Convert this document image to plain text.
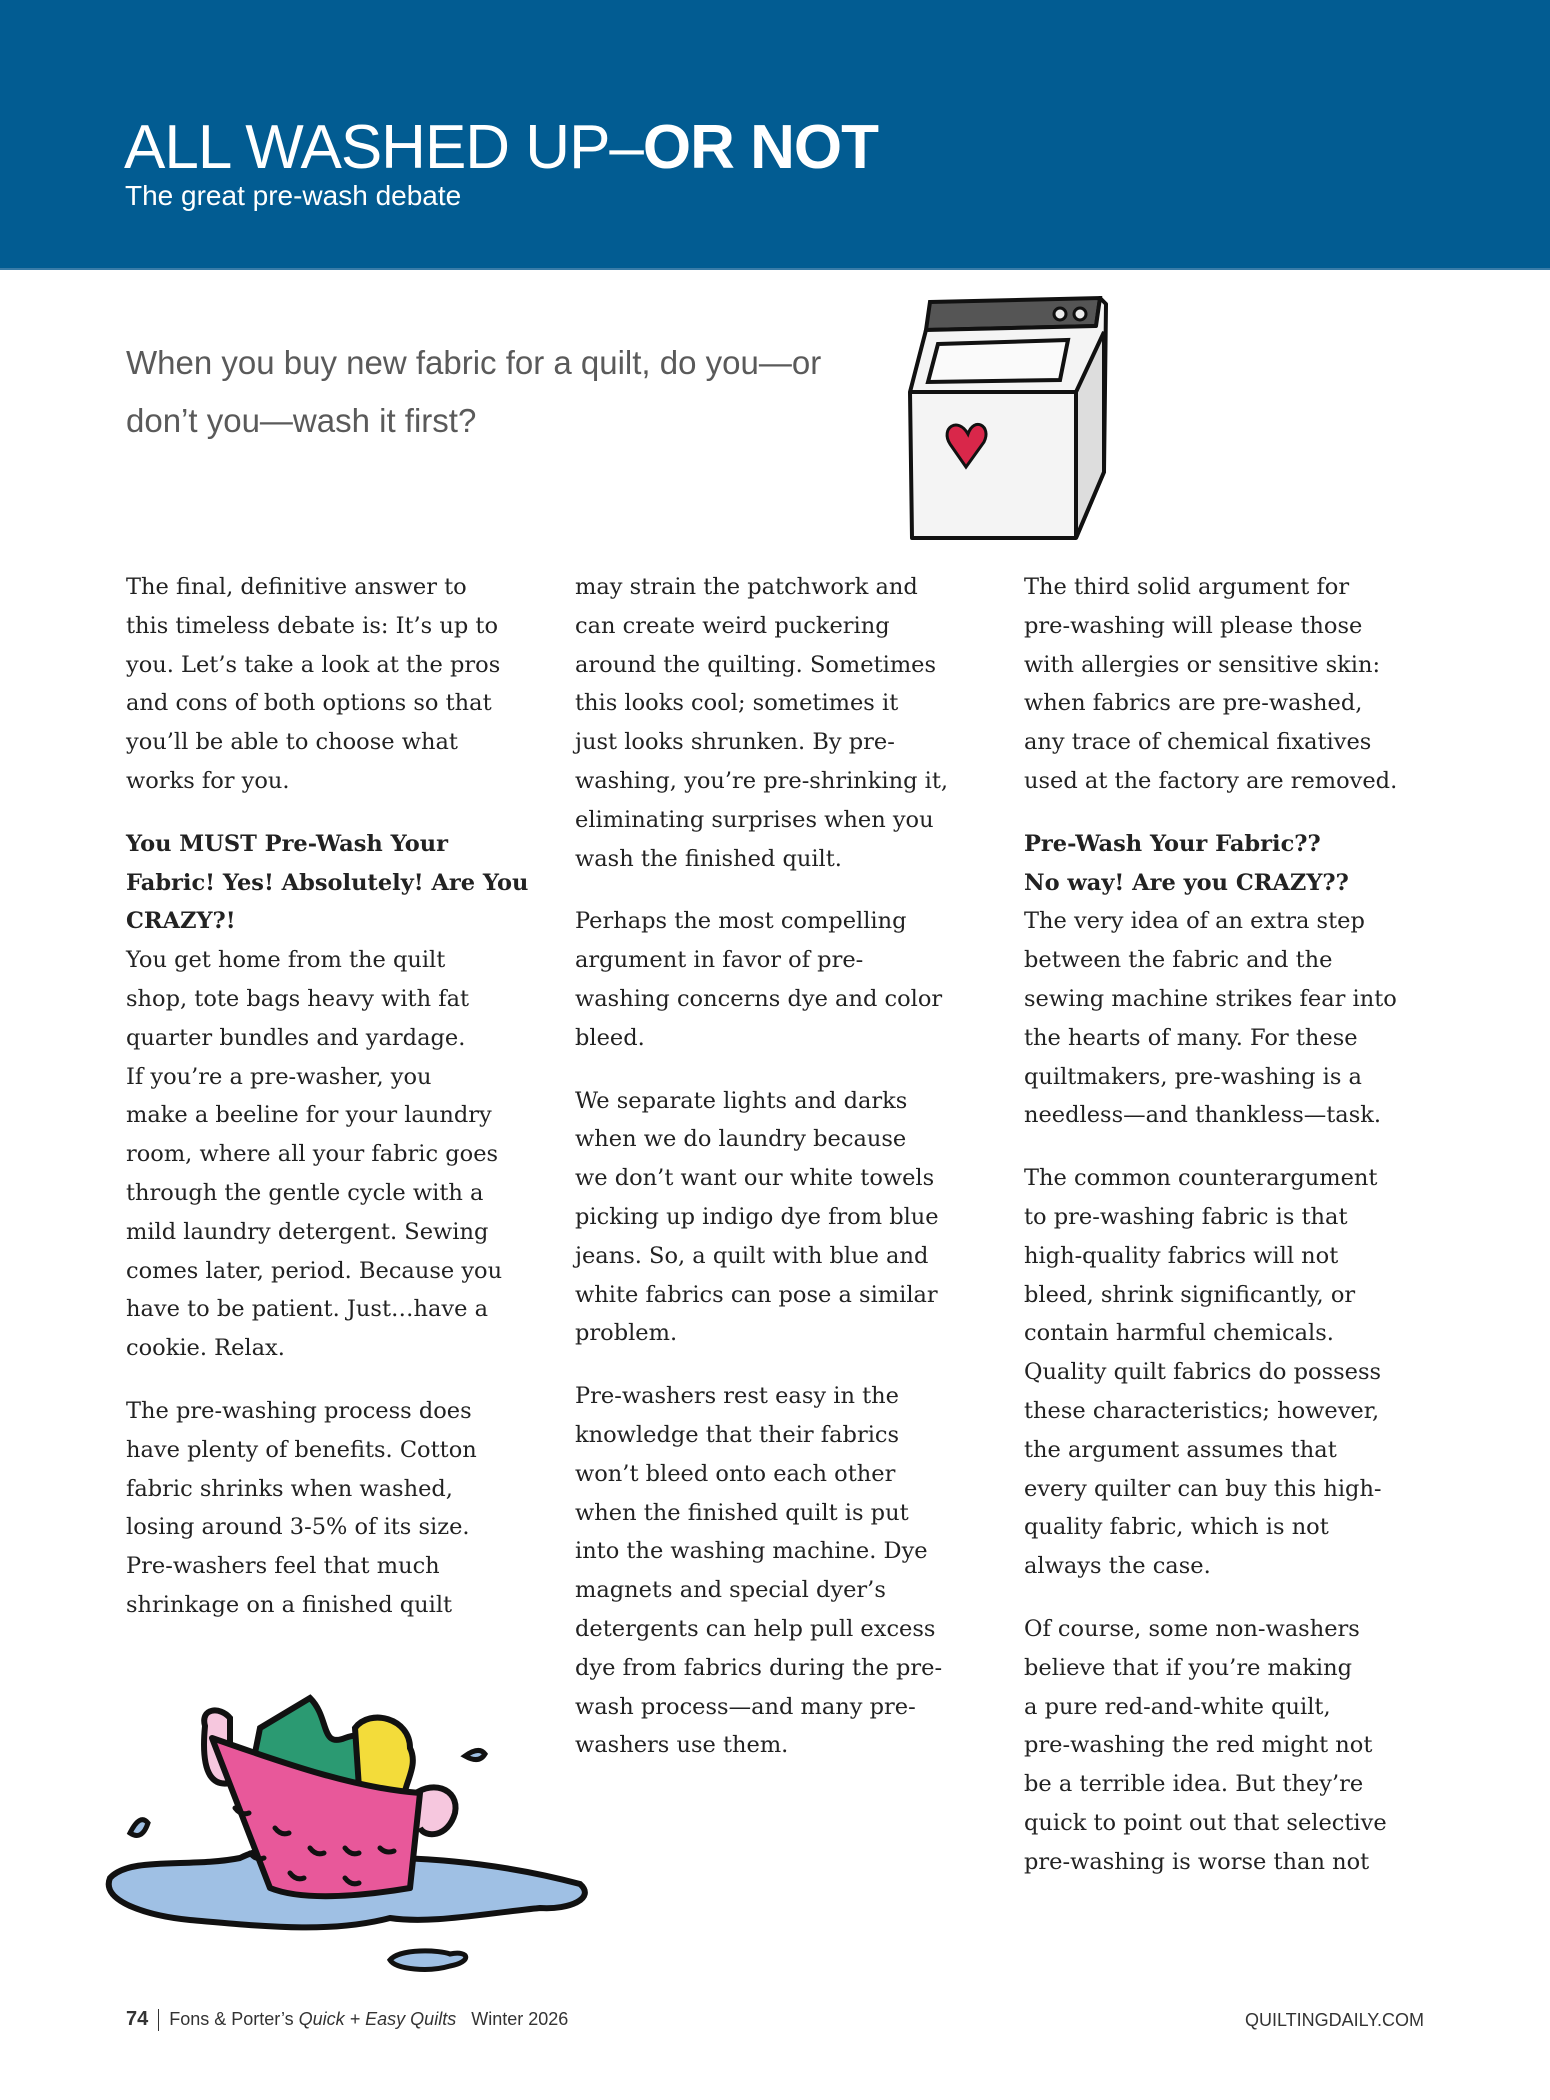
ALL WASHED UP–OR NOT
The great pre-wash debate
When you buy new fabric for a quilt, do you—or
don’t you—wash it first?
The final, definitive answer to
this timeless debate is: It’s up to
you. Let’s take a look at the pros
and cons of both options so that
you’ll be able to choose what
works for you.
You MUST Pre-Wash Your
Fabric! Yes! Absolutely! Are You
CRAZY?!
You get home from the quilt
shop, tote bags heavy with fat
quarter bundles and yardage.
If you’re a pre-washer, you
make a beeline for your laundry
room, where all your fabric goes
through the gentle cycle with a
mild laundry detergent. Sewing
comes later, period. Because you
have to be patient. Just…have a
cookie. Relax.
The pre-washing process does
have plenty of benefits. Cotton
fabric shrinks when washed,
losing around 3-5% of its size.
Pre-washers feel that much
shrinkage on a finished quilt
may strain the patchwork and
can create weird puckering
around the quilting. Sometimes
this looks cool; sometimes it
just looks shrunken. By pre-
washing, you’re pre-shrinking it,
eliminating surprises when you
wash the finished quilt.
Perhaps the most compelling
argument in favor of pre-
washing concerns dye and color
bleed.
We separate lights and darks
when we do laundry because
we don’t want our white towels
picking up indigo dye from blue
jeans. So, a quilt with blue and
white fabrics can pose a similar
problem.
Pre-washers rest easy in the
knowledge that their fabrics
won’t bleed onto each other
when the finished quilt is put
into the washing machine. Dye
magnets and special dyer’s
detergents can help pull excess
dye from fabrics during the pre-
wash process—and many pre-
washers use them.
The third solid argument for
pre-washing will please those
with allergies or sensitive skin:
when fabrics are pre-washed,
any trace of chemical fixatives
used at the factory are removed.
Pre-Wash Your Fabric??
No way! Are you CRAZY??
The very idea of an extra step
between the fabric and the
sewing machine strikes fear into
the hearts of many. For these
quiltmakers, pre-washing is a
needless—and thankless—task.
The common counterargument
to pre-washing fabric is that
high-quality fabrics will not
bleed, shrink significantly, or
contain harmful chemicals.
Quality quilt fabrics do possess
these characteristics; however,
the argument assumes that
every quilter can buy this high-
quality fabric, which is not
always the case.
Of course, some non-washers
believe that if you’re making
a pure red-and-white quilt,
pre-washing the red might not
be a terrible idea. But they’re
quick to point out that selective
pre-washing is worse than not
74 Fons & Porter’s Quick + Easy Quilts Winter 2026	QUILTINGDAILY.COM
